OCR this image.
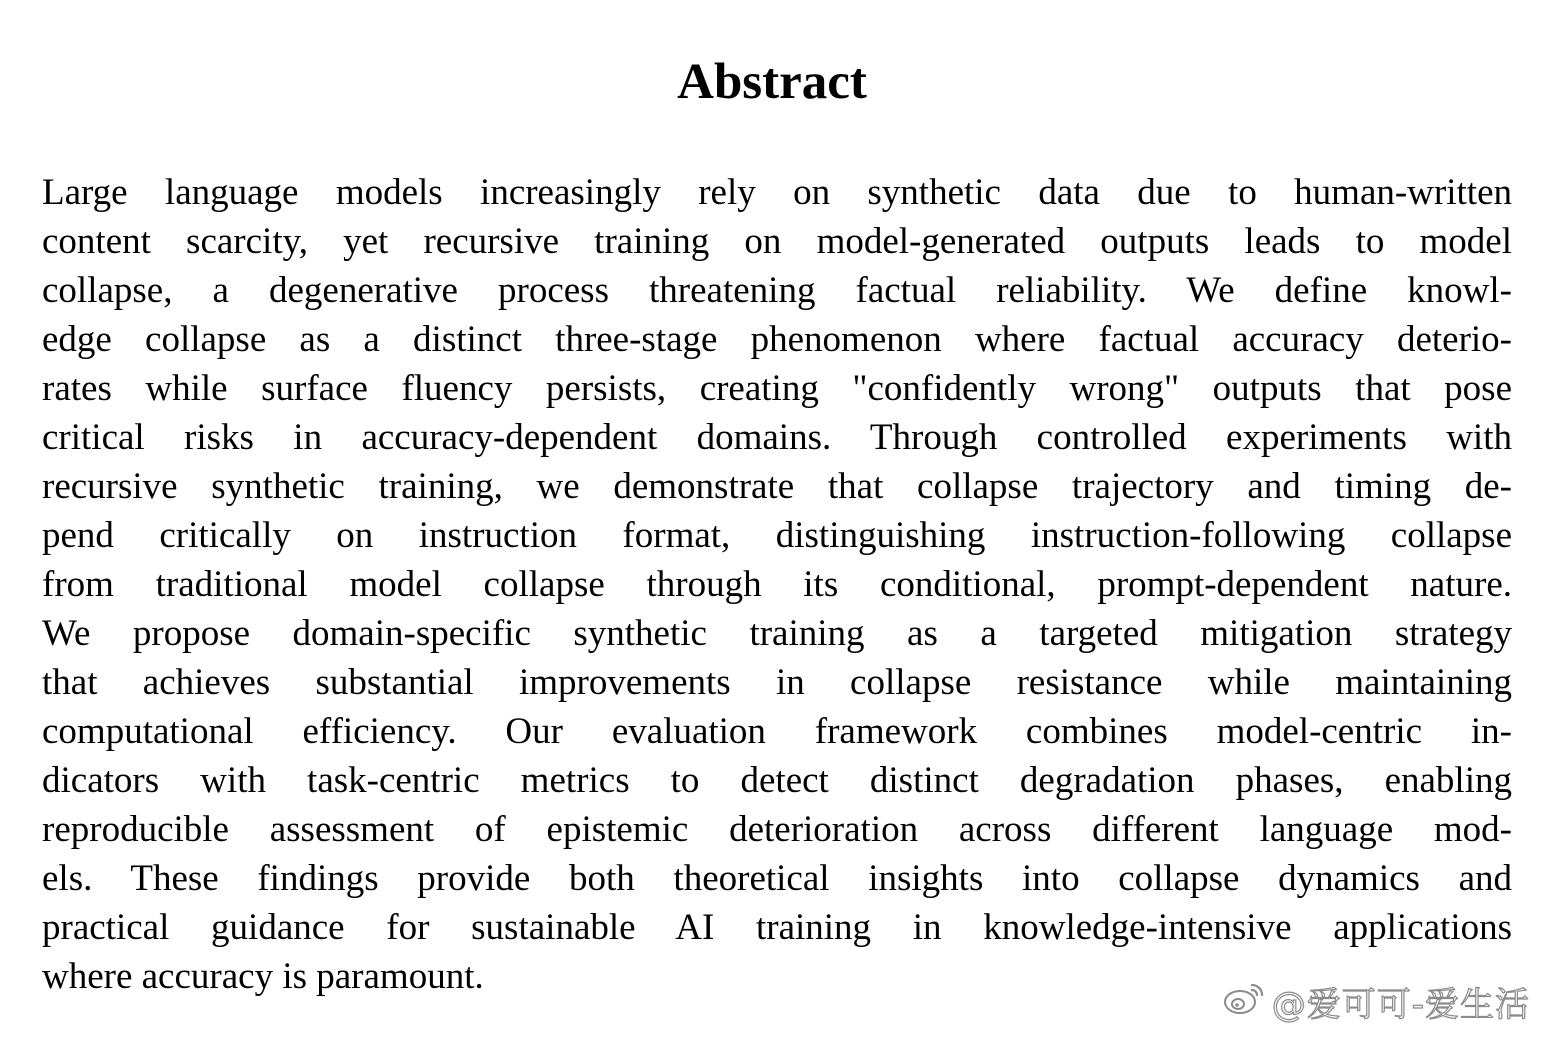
Abstract
Large language models increasingly rely on synthetic data due to human-written
content scarcity, yet recursive training on model-generated outputs leads to model
collapse, a degenerative process threatening factual reliability. We define knowl-
edge collapse as a distinct three-stage phenomenon where factual accuracy deterio-
rates while surface fluency persists, creating "confidently wrong" outputs that pose
critical risks in accuracy-dependent domains. Through controlled experiments with
recursive synthetic training, we demonstrate that collapse trajectory and timing de-
pend critically on instruction format, distinguishing instruction-following collapse
from traditional model collapse through its conditional, prompt-dependent nature.
We propose domain-specific synthetic training as a targeted mitigation strategy
that achieves substantial improvements in collapse resistance while maintaining
computational efficiency. Our evaluation framework combines model-centric in-
dicators with task-centric metrics to detect distinct degradation phases, enabling
reproducible assessment of epistemic deterioration across different language mod-
els. These findings provide both theoretical insights into collapse dynamics and
practical guidance for sustainable AI training in knowledge-intensive applications
where accuracy is paramount.
@爱可可-爱生活
